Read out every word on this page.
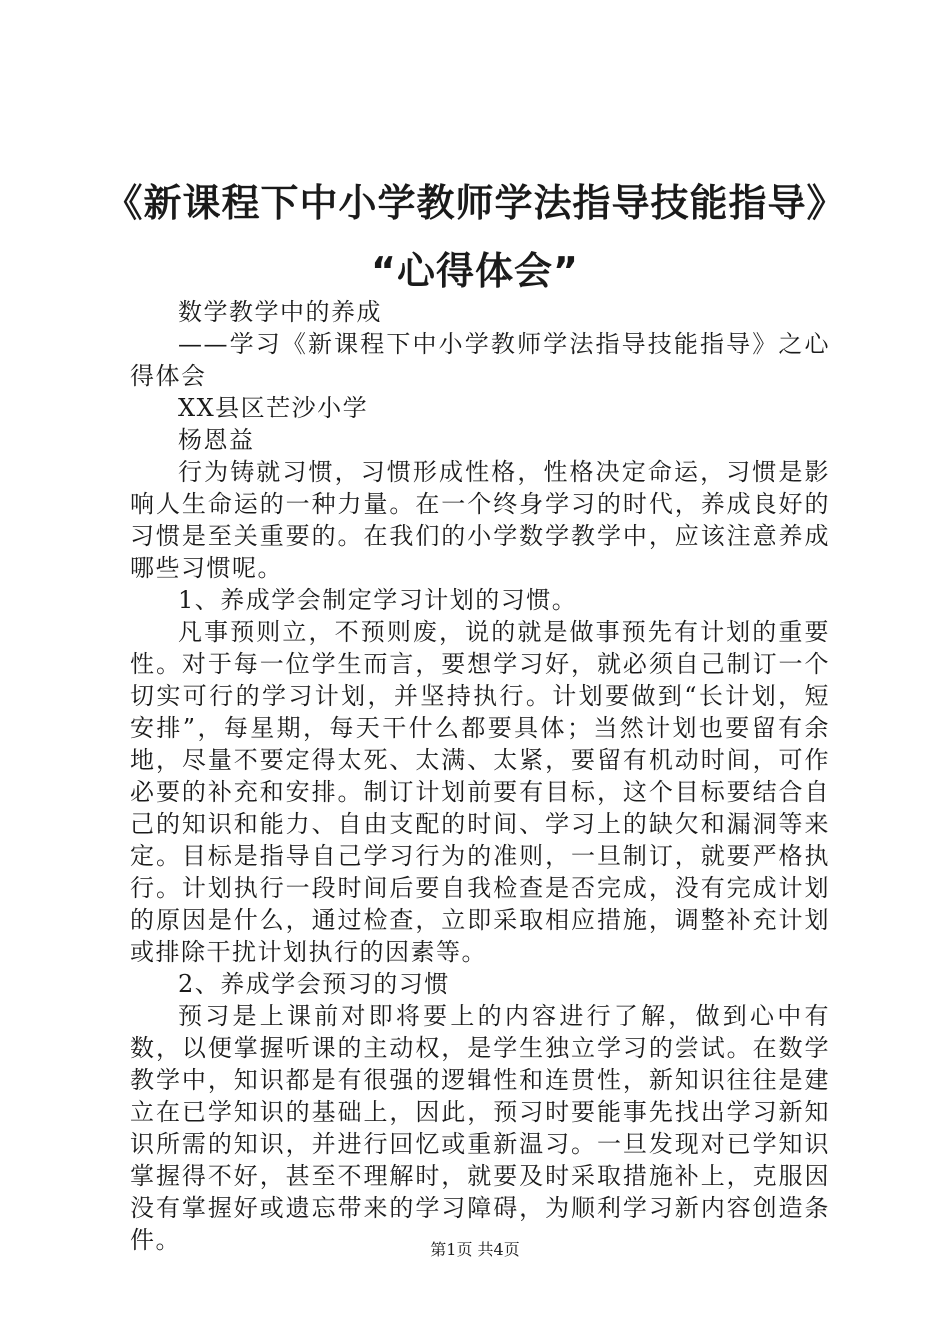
《新课程下中小学教师学法指导技能指导》
“心得体会”

数学教学中的养成

——学习《新课程下中小学教师学法指导技能指导》之心得体会

XX县区芒沙小学

杨恩益

行为铸就习惯，习惯形成性格，性格决定命运，习惯是影响人生命运的一种力量。在一个终身学习的时代，养成良好的习惯是至关重要的。在我们的小学数学教学中，应该注意养成哪些习惯呢。

1、养成学会制定学习计划的习惯。

凡事预则立，不预则废，说的就是做事预先有计划的重要性。对于每一位学生而言，要想学习好，就必须自己制订一个切实可行的学习计划，并坚持执行。计划要做到“长计划，短安排”，每星期，每天干什么都要具体；当然计划也要留有余地，尽量不要定得太死、太满、太紧，要留有机动时间，可作必要的补充和安排。制订计划前要有目标，这个目标要结合自己的知识和能力、自由支配的时间、学习上的缺欠和漏洞等来定。目标是指导自己学习行为的准则，一旦制订，就要严格执行。计划执行一段时间后要自我检查是否完成，没有完成计划的原因是什么，通过检查，立即采取相应措施，调整补充计划或排除干扰计划执行的因素等。

2、养成学会预习的习惯

预习是上课前对即将要上的内容进行了解，做到心中有数，以便掌握听课的主动权，是学生独立学习的尝试。在数学教学中，知识都是有很强的逻辑性和连贯性，新知识往往是建立在已学知识的基础上，因此，预习时要能事先找出学习新知识所需的知识，并进行回忆或重新温习。一旦发现对已学知识掌握得不好，甚至不理解时，就要及时采取措施补上，克服因没有掌握好或遗忘带来的学习障碍，为顺利学习新内容创造条件。	第1页 共4页
